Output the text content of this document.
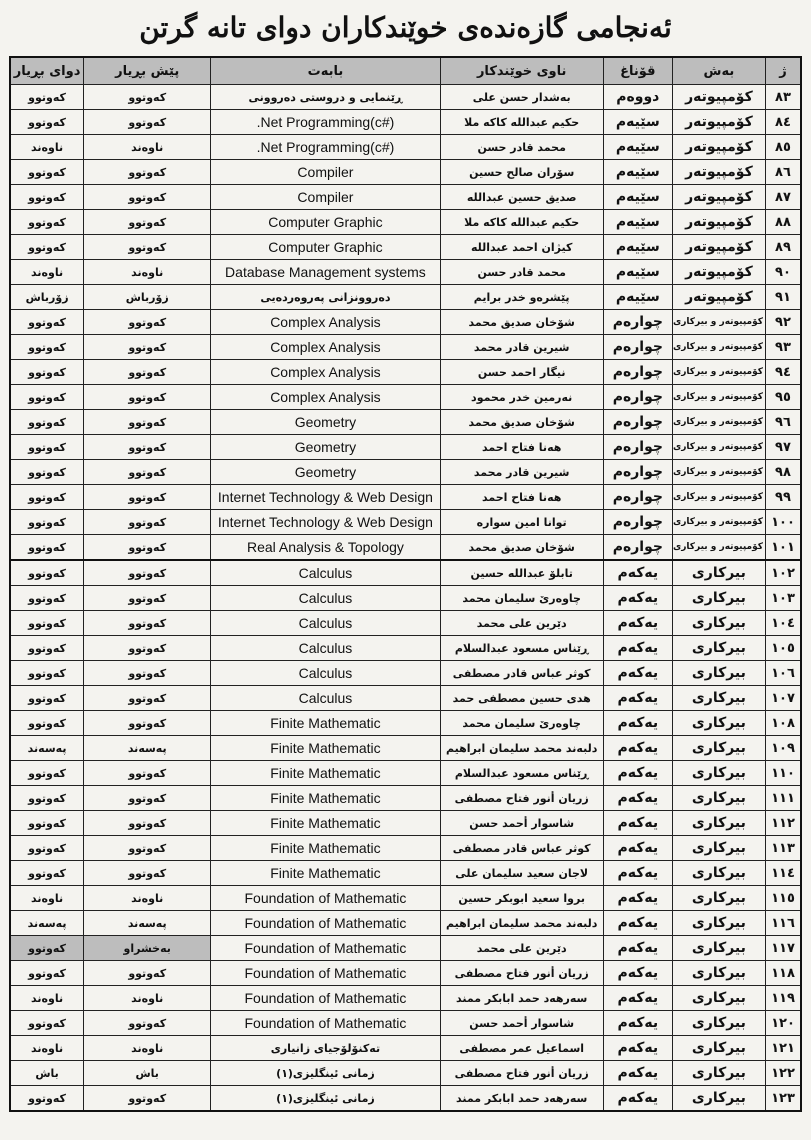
ئەنجامی گازەندەی خوێندکاران دوای تانە گرتن
ژ	بەش	قۆناغ	ناوی خوێندکار	بابەت	پێش بڕیار	دوای بڕیار
٨٣	کۆمپیوتەر	دووەم	بەشدار حسن علی	ڕێنمایی و دروستی دەروونی	کەوتوو	کەوتوو
٨٤	کۆمپیوتەر	سێیەم	حكیم عبدالله كاكە ملا	.Net Programming(c#)	کەوتوو	کەوتوو
٨٥	کۆمپیوتەر	سێیەم	محمد قادر حسن	.Net Programming(c#)	ناوەند	ناوەند
٨٦	کۆمپیوتەر	سێیەم	سۆران صالح حسین	Compiler	کەوتوو	کەوتوو
٨٧	کۆمپیوتەر	سێیەم	صدیق حسین عبدالله	Compiler	کەوتوو	کەوتوو
٨٨	کۆمپیوتەر	سێیەم	حكیم عبدالله كاكە ملا	Computer Graphic	کەوتوو	کەوتوو
٨٩	کۆمپیوتەر	سێیەم	کیژان احمد عبدالله	Computer Graphic	کەوتوو	کەوتوو
٩٠	کۆمپیوتەر	سێیەم	محمد قادر حسن	Database Management systems	ناوەند	ناوەند
٩١	کۆمپیوتەر	سێیەم	پێشرەو خدر برایم	دەروونزانی پەروەردەیی	زۆرباش	زۆرباش
٩٢	کۆمپیوتەر و بیرکاری	چوارەم	شۆخان صدیق محمد	Complex Analysis	کەوتوو	کەوتوو
٩٣	کۆمپیوتەر و بیرکاری	چوارەم	شیرین قادر محمد	Complex Analysis	کەوتوو	کەوتوو
٩٤	کۆمپیوتەر و بیرکاری	چوارەم	نیگار احمد حسن	Complex Analysis	کەوتوو	کەوتوو
٩٥	کۆمپیوتەر و بیرکاری	چوارەم	نەرمین خدر محمود	Complex Analysis	کەوتوو	کەوتوو
٩٦	کۆمپیوتەر و بیرکاری	چوارەم	شۆخان صدیق محمد	Geometry	کەوتوو	کەوتوو
٩٧	کۆمپیوتەر و بیرکاری	چوارەم	هەنا فتاح احمد	Geometry	کەوتوو	کەوتوو
٩٨	کۆمپیوتەر و بیرکاری	چوارەم	شیرین قادر محمد	Geometry	کەوتوو	کەوتوو
٩٩	کۆمپیوتەر و بیرکاری	چوارەم	هەنا فتاح احمد	Internet Technology & Web Design	کەوتوو	کەوتوو
١٠٠	کۆمپیوتەر و بیرکاری	چوارەم	توانا امین سوارە	Internet Technology & Web Design	کەوتوو	کەوتوو
١٠١	کۆمپیوتەر و بیرکاری	چوارەم	شۆخان صدیق محمد	Real Analysis & Topology	کەوتوو	کەوتوو
١٠٢	بیرکاری	یەکەم	تابلۆ عبدالله حسین	Calculus	کەوتوو	کەوتوو
١٠٣	بیرکاری	یەکەم	چاوەرێ سلیمان محمد	Calculus	کەوتوو	کەوتوو
١٠٤	بیرکاری	یەکەم	دێرین علی محمد	Calculus	کەوتوو	کەوتوو
١٠٥	بیرکاری	یەکەم	ڕێناس مسعود عبدالسلام	Calculus	کەوتوو	کەوتوو
١٠٦	بیرکاری	یەکەم	کوثر عباس قادر مصطفی	Calculus	کەوتوو	کەوتوو
١٠٧	بیرکاری	یەکەم	هدی حسین مصطفی حمد	Calculus	کەوتوو	کەوتوو
١٠٨	بیرکاری	یەکەم	چاوەرێ سلیمان محمد	Finite Mathematic	کەوتوو	کەوتوو
١٠٩	بیرکاری	یەکەم	دلبەند محمد سلیمان ابراهیم	Finite Mathematic	پەسەند	پەسەند
١١٠	بیرکاری	یەکەم	ڕێناس مسعود عبدالسلام	Finite Mathematic	کەوتوو	کەوتوو
١١١	بیرکاری	یەکەم	زریان أنور فتاح مصطفی	Finite Mathematic	کەوتوو	کەوتوو
١١٢	بیرکاری	یەکەم	شاسوار أحمد حسن	Finite Mathematic	کەوتوو	کەوتوو
١١٣	بیرکاری	یەکەم	کوثر عباس قادر مصطفی	Finite Mathematic	کەوتوو	کەوتوو
١١٤	بیرکاری	یەکەم	لاجان سعید سلیمان علی	Finite Mathematic	کەوتوو	کەوتوو
١١٥	بیرکاری	یەکەم	بروا سعید ابوبکر حسین	Foundation of Mathematic	ناوەند	ناوەند
١١٦	بیرکاری	یەکەم	دلبەند محمد سلیمان ابراهیم	Foundation of Mathematic	پەسەند	پەسەند
١١٧	بیرکاری	یەکەم	دێرین علی محمد	Foundation of Mathematic	بەخشراو	کەوتوو
١١٨	بیرکاری	یەکەم	زریان أنور فتاح مصطفی	Foundation of Mathematic	کەوتوو	کەوتوو
١١٩	بیرکاری	یەکەم	سەرهەد حمد ابابکر ممند	Foundation of Mathematic	ناوەند	ناوەند
١٢٠	بیرکاری	یەکەم	شاسوار أحمد حسن	Foundation of Mathematic	کەوتوو	کەوتوو
١٢١	بیرکاری	یەکەم	اسماعیل عمر مصطفی	تەکنۆلۆجیای زانیاری	ناوەند	ناوەند
١٢٢	بیرکاری	یەکەم	زریان أنور فتاح مصطفی	زمانی ئینگلیزی(١)	باش	باش
١٢٣	بیرکاری	یەکەم	سەرهەد حمد ابابکر ممند	زمانی ئینگلیزی(١)	کەوتوو	کەوتوو
